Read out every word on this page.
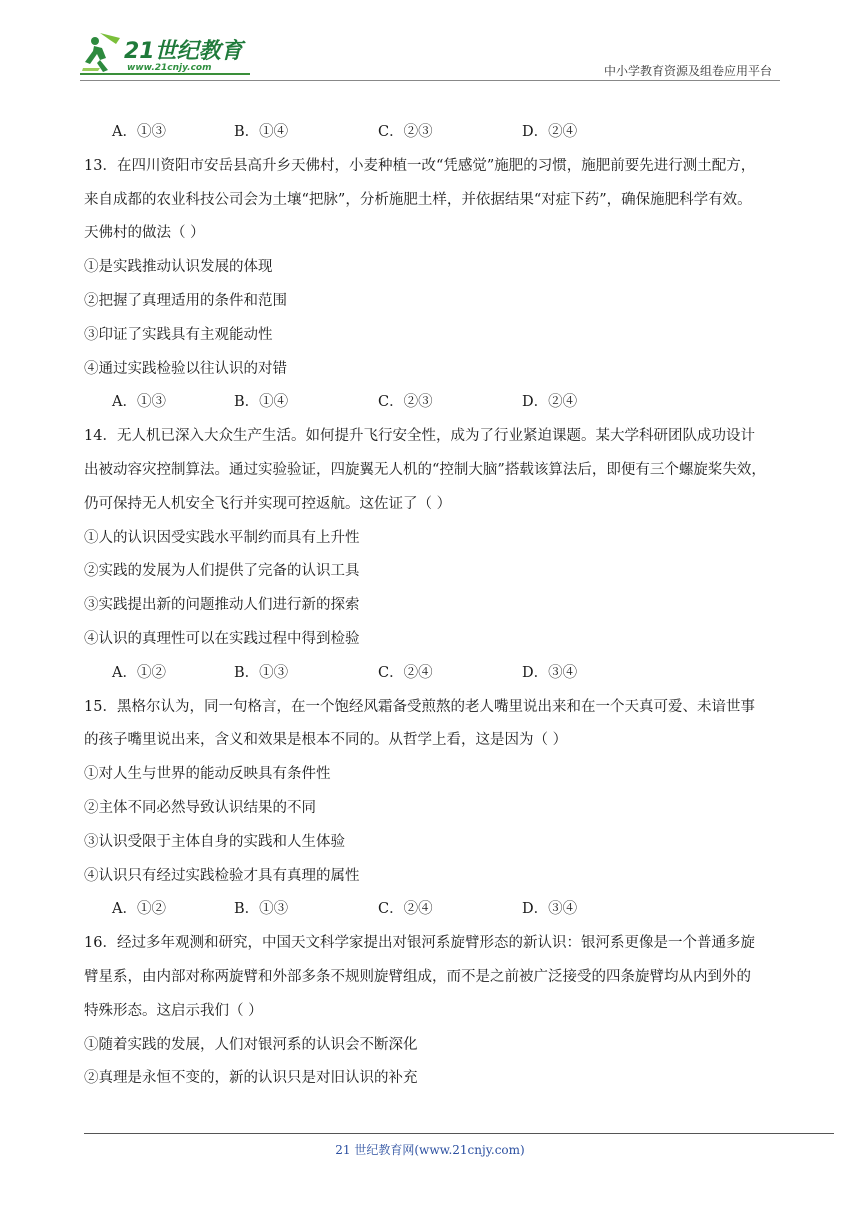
21世纪教育
www.21cnjy.com	中小学教育资源及组卷应用平台
A．①③	B．①④	C．②③	D．②④
13．在四川资阳市安岳县高升乡天佛村，小麦种植一改“凭感觉”施肥的习惯，施肥前要先进行测土配方，
来自成都的农业科技公司会为土壤“把脉”，分析施肥土样，并依据结果“对症下药”，确保施肥科学有效。
天佛村的做法（ ）
①是实践推动认识发展的体现
②把握了真理适用的条件和范围
③印证了实践具有主观能动性
④通过实践检验以往认识的对错
A．①③	B．①④	C．②③	D．②④
14．无人机已深入大众生产生活。如何提升飞行安全性，成为了行业紧迫课题。某大学科研团队成功设计
出被动容灾控制算法。通过实验验证，四旋翼无人机的“控制大脑”搭载该算法后，即便有三个螺旋桨失效，
仍可保持无人机安全飞行并实现可控返航。这佐证了（ ）
①人的认识因受实践水平制约而具有上升性
②实践的发展为人们提供了完备的认识工具
③实践提出新的问题推动人们进行新的探索
④认识的真理性可以在实践过程中得到检验
A．①②	B．①③	C．②④	D．③④
15．黑格尔认为，同一句格言，在一个饱经风霜备受煎熬的老人嘴里说出来和在一个天真可爱、未谙世事
的孩子嘴里说出来，含义和效果是根本不同的。从哲学上看，这是因为（ ）
①对人生与世界的能动反映具有条件性
②主体不同必然导致认识结果的不同
③认识受限于主体自身的实践和人生体验
④认识只有经过实践检验才具有真理的属性
A．①②	B．①③	C．②④	D．③④
16．经过多年观测和研究，中国天文科学家提出对银河系旋臂形态的新认识：银河系更像是一个普通多旋
臂星系，由内部对称两旋臂和外部多条不规则旋臂组成，而不是之前被广泛接受的四条旋臂均从内到外的
特殊形态。这启示我们（ ）
①随着实践的发展，人们对银河系的认识会不断深化
②真理是永恒不变的，新的认识只是对旧认识的补充
21 世纪教育网(www.21cnjy.com)
